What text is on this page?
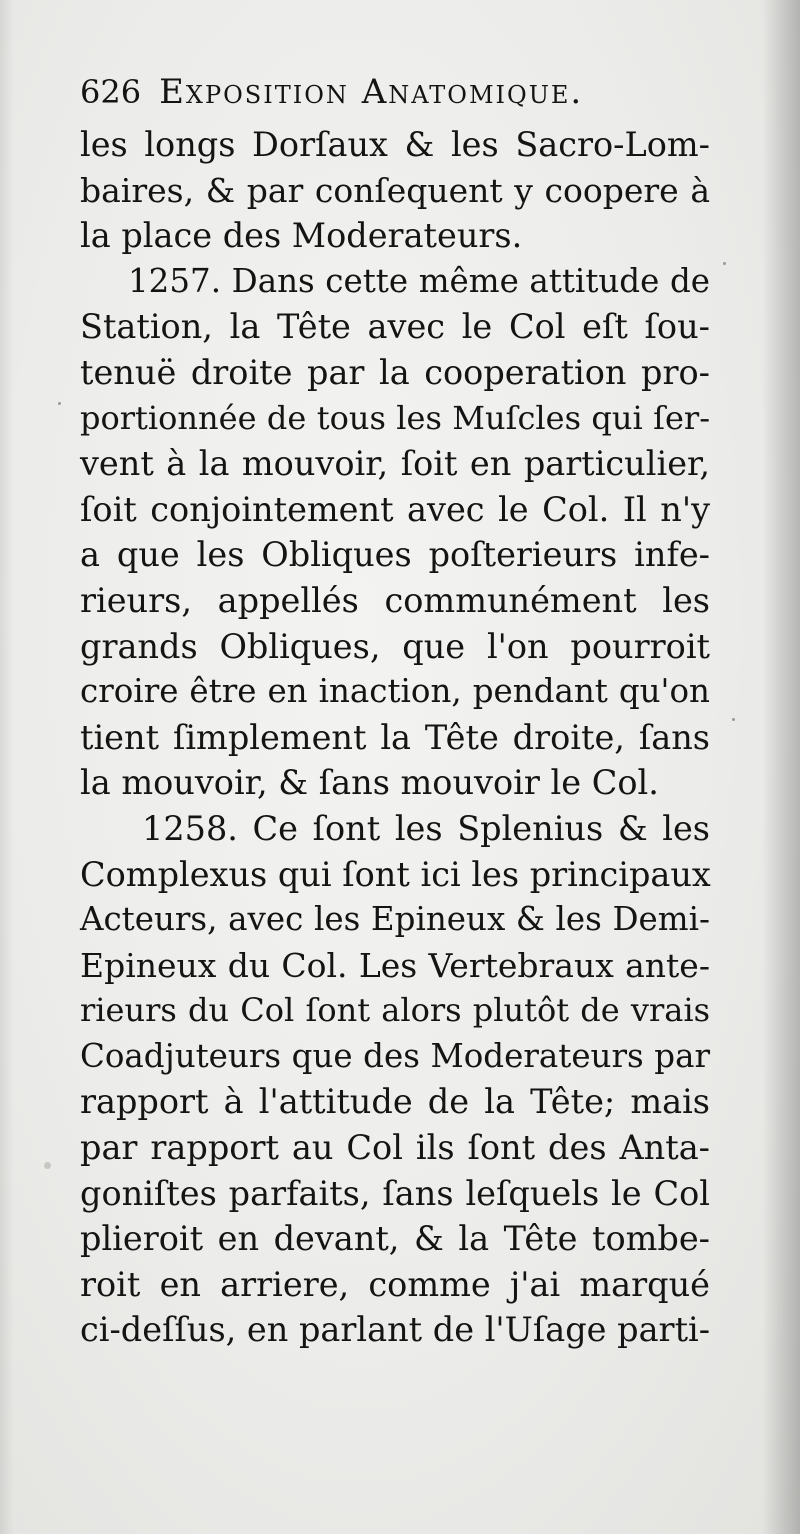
626 Exposition Anatomique.
les longs Dorſaux & les Sacro-Lom-
baires, & par conſequent y coopere à
la place des Moderateurs.
1257. Dans cette même attitude de
Station, la Tête avec le Col eſt ſou-
tenuë droite par la cooperation pro-
portionnée de tous les Muſcles qui ſer-
vent à la mouvoir, ſoit en particulier,
ſoit conjointement avec le Col. Il n'y
a que les Obliques poſterieurs infe-
rieurs, appellés communément les
grands Obliques, que l'on pourroit
croire être en inaction, pendant qu'on
tient ſimplement la Tête droite, ſans
la mouvoir, & ſans mouvoir le Col.
1258. Ce ſont les Splenius & les
Complexus qui ſont ici les principaux
Acteurs, avec les Epineux & les Demi-
Epineux du Col. Les Vertebraux ante-
rieurs du Col ſont alors plutôt de vrais
Coadjuteurs que des Moderateurs par
rapport à l'attitude de la Tête; mais
par rapport au Col ils ſont des Anta-
goniſtes parfaits, ſans leſquels le Col
plieroit en devant, & la Tête tombe-
roit en arriere, comme j'ai marqué
ci-deſſus, en parlant de l'Uſage parti-
